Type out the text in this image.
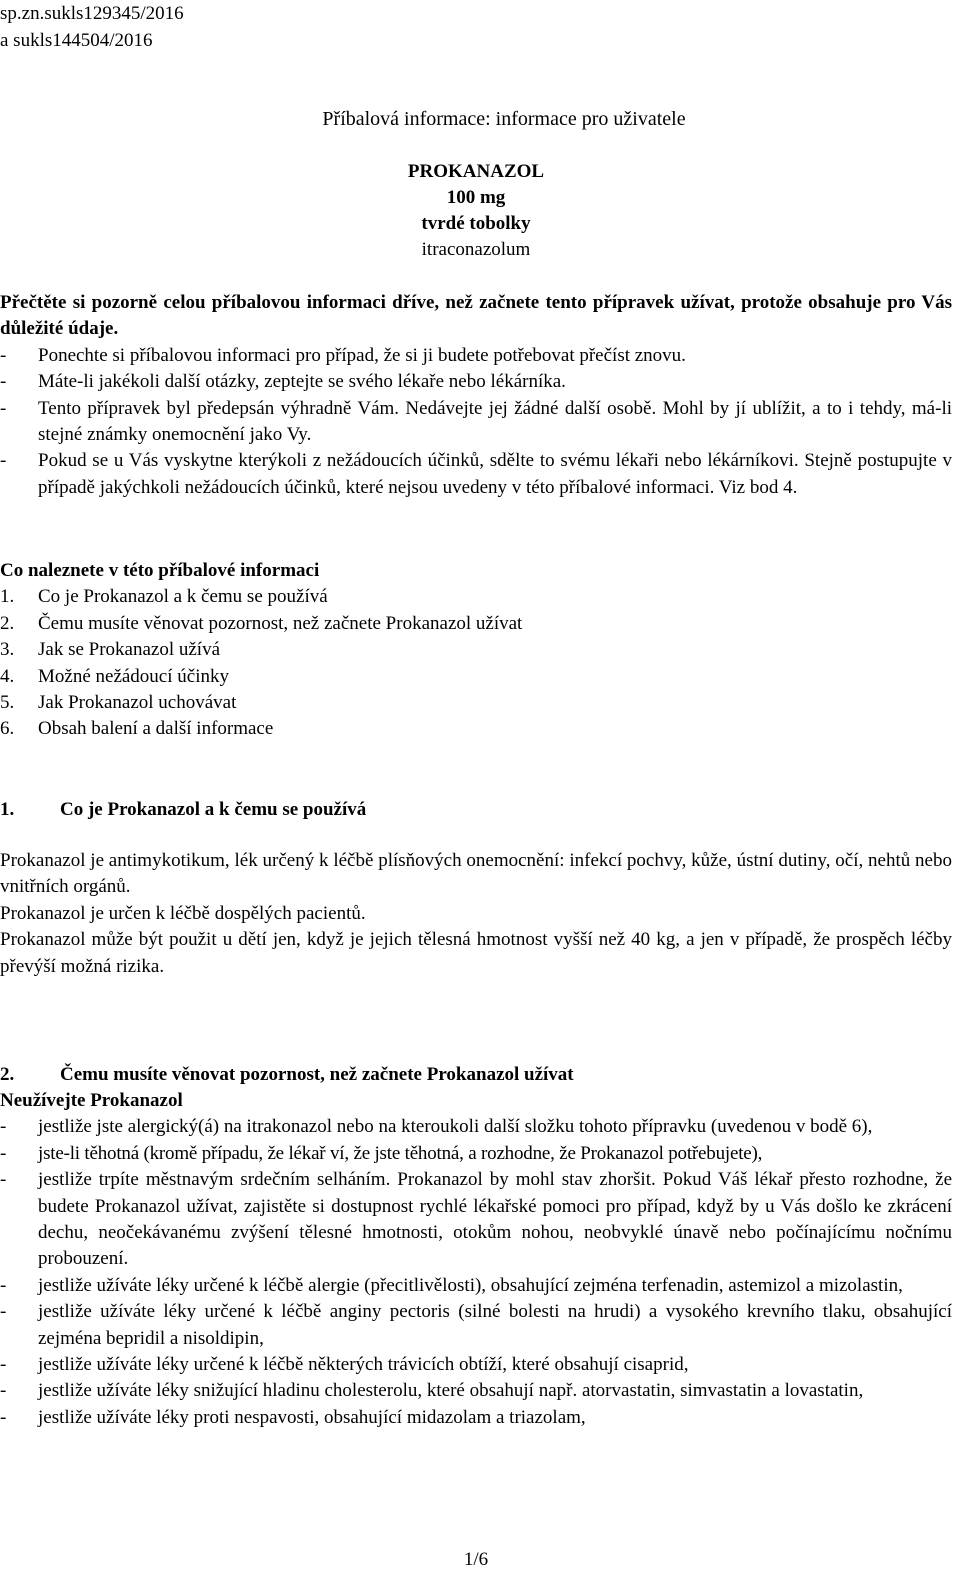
sp.zn.sukls129345/2016
a sukls144504/2016
Příbalová informace: informace pro uživatele
PROKANAZOL
100 mg
tvrdé tobolky
itraconazolum
Přečtěte si pozorně celou příbalovou informaci dříve, než začnete tento přípravek užívat, protože obsahuje pro Vás důležité údaje.
- Ponechte si příbalovou informaci pro případ, že si ji budete potřebovat přečíst znovu.
- Máte-li jakékoli další otázky, zeptejte se svého lékaře nebo lékárníka.
- Tento přípravek byl předepsán výhradně Vám. Nedávejte jej žádné další osobě. Mohl by jí ublížit, a to i tehdy, má-li stejné známky onemocnění jako Vy.
- Pokud se u Vás vyskytne kterýkoli z nežádoucích účinků, sdělte to svému lékaři nebo lékárníkovi. Stejně postupujte v případě jakýchkoli nežádoucích účinků, které nejsou uvedeny v této příbalové informaci. Viz bod 4.
Co naleznete v této příbalové informaci
1. Co je Prokanazol a k čemu se používá
2. Čemu musíte věnovat pozornost, než začnete Prokanazol užívat
3. Jak se Prokanazol užívá
4. Možné nežádoucí účinky
5. Jak Prokanazol uchovávat
6. Obsah balení a další informace
1. Co je Prokanazol a k čemu se používá
Prokanazol je antimykotikum, lék určený k léčbě plísňových onemocnění: infekcí pochvy, kůže, ústní dutiny, očí, nehtů nebo vnitřních orgánů.
Prokanazol je určen k léčbě dospělých pacientů.
Prokanazol může být použit u dětí jen, když je jejich tělesná hmotnost vyšší než 40 kg, a jen v případě, že prospěch léčby převýší možná rizika.
2. Čemu musíte věnovat pozornost, než začnete Prokanazol užívat
Neužívejte Prokanazol
- jestliže jste alergický(á) na itrakonazol nebo na kteroukoli další složku tohoto přípravku (uvedenou v bodě 6),
- jste-li těhotná (kromě případu, že lékař ví, že jste těhotná, a rozhodne, že Prokanazol potřebujete),
- jestliže trpíte městnavým srdečním selháním. Prokanazol by mohl stav zhoršit. Pokud Váš lékař přesto rozhodne, že budete Prokanazol užívat, zajistěte si dostupnost rychlé lékařské pomoci pro případ, když by u Vás došlo ke zkrácení dechu, neočekávanému zvýšení tělesné hmotnosti, otokům nohou, neobvyklé únavě nebo počínajícímu nočnímu probouzení.
- jestliže užíváte léky určené k léčbě alergie (přecitlivělosti), obsahující zejména terfenadin, astemizol a mizolastin,
- jestliže užíváte léky určené k léčbě anginy pectoris (silné bolesti na hrudi) a vysokého krevního tlaku, obsahující zejména bepridil a nisoldipin,
- jestliže užíváte léky určené k léčbě některých trávicích obtíží, které obsahují cisaprid,
- jestliže užíváte léky snižující hladinu cholesterolu, které obsahují např. atorvastatin, simvastatin a lovastatin,
- jestliže užíváte léky proti nespavosti, obsahující midazolam a triazolam,
1/6
